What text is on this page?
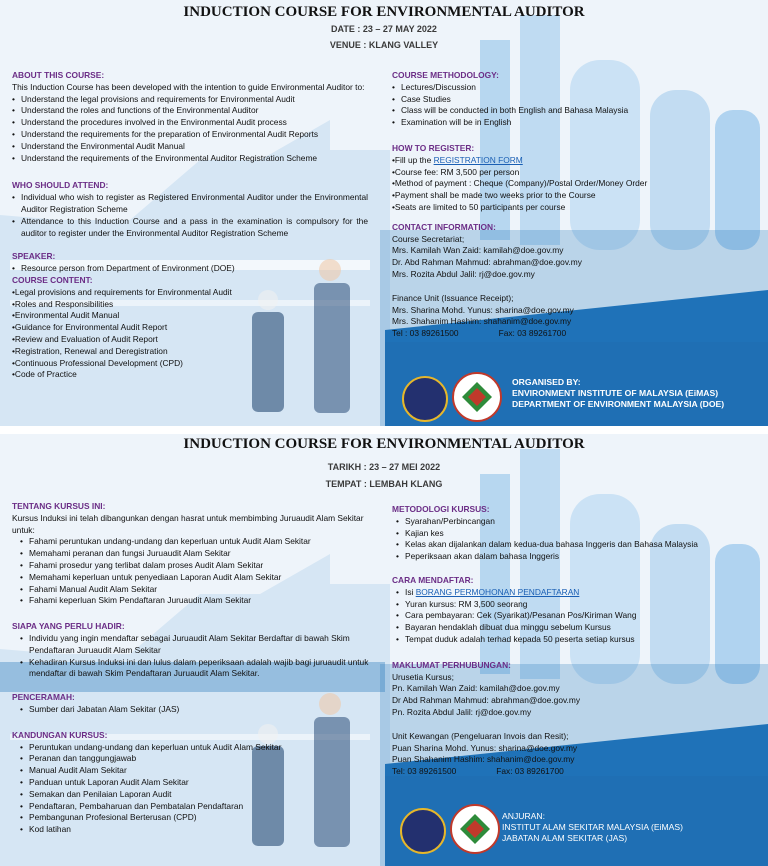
INDUCTION COURSE FOR ENVIRONMENTAL AUDITOR
DATE : 23 – 27 MAY 2022
VENUE : KLANG VALLEY
ABOUT THIS COURSE:
This Induction Course has been developed with the intention to guide Environmental Auditor to:
• Understand the legal provisions and requirements for Environmental Audit
• Understand the roles and functions of the Environmental Auditor
• Understand the procedures involved in the Environmental Audit process
• Understand the requirements for the preparation of Environmental Audit Reports
• Understand the Environmental Audit Manual
• Understand the requirements of the Environmental Auditor Registration Scheme
WHO SHOULD ATTEND:
• Individual who wish to register as Registered Environmental Auditor under the Environmental Auditor Registration Scheme
• Attendance to this Induction Course and a pass in the examination is compulsory for the auditor to register under the Environmental Auditor Registration Scheme
SPEAKER:
• Resource person from Department of Environment (DOE)
COURSE CONTENT:
•Legal provisions and requirements for Environmental Audit
•Roles and Responsibilities
•Environmental Audit Manual
•Guidance for Environmental Audit Report
•Review and Evaluation of Audit Report
•Registration, Renewal and Deregistration
•Continuous Professional Development (CPD)
•Code of Practice
COURSE METHODOLOGY:
• Lectures/Discussion
• Case Studies
• Class will be conducted in both English and Bahasa Malaysia
• Examination will be in English
HOW TO REGISTER:
•Fill up the REGISTRATION FORM
•Course fee: RM 3,500 per person
•Method of payment : Cheque (Company)/Postal Order/Money Order
•Payment shall be made two weeks prior to the Course
•Seats are limited to 50 participants per course
CONTACT INFORMATION:
Course Secretariat;
Mrs. Kamilah Wan Zaid: kamilah@doe.gov.my
Dr. Abd Rahman Mahmud: abrahman@doe.gov.my
Mrs. Rozita Abdul Jalil: rj@doe.gov.my
Finance Unit (Issuance Receipt);
Mrs. Sharina Mohd. Yunus: sharina@doe.gov.my
Mrs. Shahanim Hashim: shahanim@doe.gov.my
Tel : 03 89261500	Fax: 03 89261700
ORGANISED BY:
ENVIRONMENT INSTITUTE OF MALAYSIA (EiMAS)
DEPARTMENT OF ENVIRONMENT MALAYSIA (DOE)
INDUCTION COURSE FOR ENVIRONMENTAL AUDITOR
TARIKH : 23 – 27 MEI 2022
TEMPAT : LEMBAH KLANG
TENTANG KURSUS INI:
Kursus Induksi ini telah dibangunkan dengan hasrat untuk membimbing Juruaudit Alam Sekitar untuk:
• Fahami peruntukan undang-undang dan keperluan untuk Audit Alam Sekitar
• Memahami peranan dan fungsi Juruaudit Alam Sekitar
• Fahami prosedur yang terlibat dalam proses Audit Alam Sekitar
• Memahami keperluan untuk penyediaan Laporan Audit Alam Sekitar
• Fahami Manual Audit Alam Sekitar
• Fahami keperluan Skim Pendaftaran Juruaudit Alam Sekitar
SIAPA YANG PERLU HADIR:
• Individu yang ingin mendaftar sebagai Juruaudit Alam Sekitar Berdaftar di bawah Skim Pendaftaran Juruaudit Alam Sekitar
• Kehadiran Kursus Induksi ini dan lulus dalam peperiksaan adalah wajib bagi juruaudit untuk mendaftar di bawah Skim Pendaftaran Juruaudit Alam Sekitar.
PENCERAMAH:
• Sumber dari Jabatan Alam Sekitar (JAS)
KANDUNGAN KURSUS:
• Peruntukan undang-undang dan keperluan untuk Audit Alam Sekitar
• Peranan dan tanggungjawab
• Manual Audit Alam Sekitar
• Panduan untuk Laporan Audit Alam Sekitar
• Semakan dan Penilaian Laporan Audit
• Pendaftaran, Pembaharuan dan Pembatalan Pendaftaran
• Pembangunan Profesional Berterusan (CPD)
• Kod latihan
METODOLOGI KURSUS:
• Syarahan/Perbincangan
• Kajian kes
• Kelas akan dijalankan dalam kedua-dua bahasa Inggeris dan Bahasa Malaysia
• Peperiksaan akan dalam bahasa Inggeris
CARA MENDAFTAR:
• Isi BORANG PERMOHONAN PENDAFTARAN
• Yuran kursus: RM 3,500 seorang
• Cara pembayaran: Cek (Syarikat)/Pesanan Pos/Kiriman Wang
• Bayaran hendaklah dibuat dua minggu sebelum Kursus
• Tempat duduk adalah terhad kepada 50 peserta setiap kursus
MAKLUMAT PERHUBUNGAN:
Urusetia Kursus;
Pn. Kamilah Wan Zaid: kamilah@doe.gov.my
Dr Abd Rahman Mahmud: abrahman@doe.gov.my
Pn. Rozita Abdul Jalil: rj@doe.gov.my
Unit Kewangan (Pengeluaran Invois dan Resit);
Puan Sharina Mohd. Yunus: sharina@doe.gov.my
Puan Shahanim Hashim: shahanim@doe.gov.my
Tel: 03 89261500	Fax: 03 89261700
ANJURAN:
INSTITUT ALAM SEKITAR MALAYSIA (EiMAS)
JABATAN ALAM SEKITAR (JAS)
